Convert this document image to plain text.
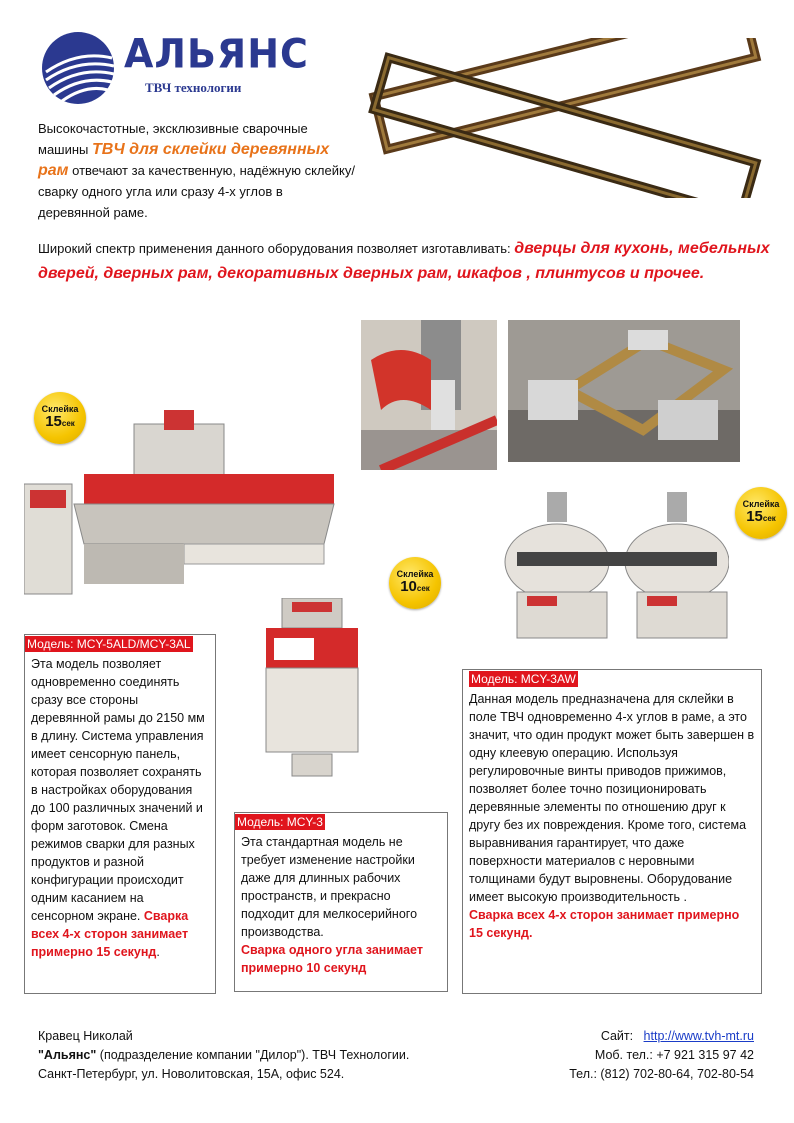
АЛЬЯНС
ТВЧ технологии
Высокочастотные, эксклюзивные сварочные машины ТВЧ для склейки деревянных рам отвечают за качественную, надёжную склейку/сварку одного угла или сразу 4-х углов в деревянной раме.
Широкий спектр применения данного оборудования позволяет изготавливать: дверцы для кухонь, мебельных дверей, дверных рам, декоративных дверных рам, шкафов , плинтусов и прочее.
Склейка
15сек
Склейка
15сек
Склейка
10сек
Модель: MCY-5ALD/MCY-3AL
Эта модель позволяет одновременно соединять сразу все стороны деревянной рамы до 2150 мм в длину. Система управления имеет сенсорную панель, которая позволяет сохранять в настройках оборудования до 100 различных значений и форм заготовок. Смена режимов сварки для разных продуктов и разной конфигурации происходит одним касанием на сенсорном экране. Сварка всех 4-х сторон занимает примерно 15 секунд.
Модель: MCY-3
Эта стандартная модель не требует изменение настройки даже для длинных рабочих пространств, и прекрасно подходит для мелкосерийного производства.
Сварка одного угла занимает примерно 10 секунд
Модель: MCY-3AW
Данная модель предназначена для склейки в поле ТВЧ одновременно 4-х углов в раме, а это значит, что один продукт может быть завершен в одну клеевую операцию. Используя регулировочные винты приводов прижимов, позволяет более точно позиционировать деревянные элементы по отношению друг к другу без их повреждения. Кроме того, система выравнивания гарантирует, что даже поверхности материалов с неровными толщинами будут выровнены. Оборудование имеет высокую производительность .
Сварка всех 4-х сторон занимает примерно 15 секунд.
Кравец Николай
"Альянс" (подразделение компании "Дилор"). ТВЧ Технологии.
Санкт-Петербург, ул. Новолитовская, 15А, офис 524.
Сайт: http://www.tvh-mt.ru
Моб. тел.: +7 921 315 97 42
Тел.: (812) 702-80-64, 702-80-54
